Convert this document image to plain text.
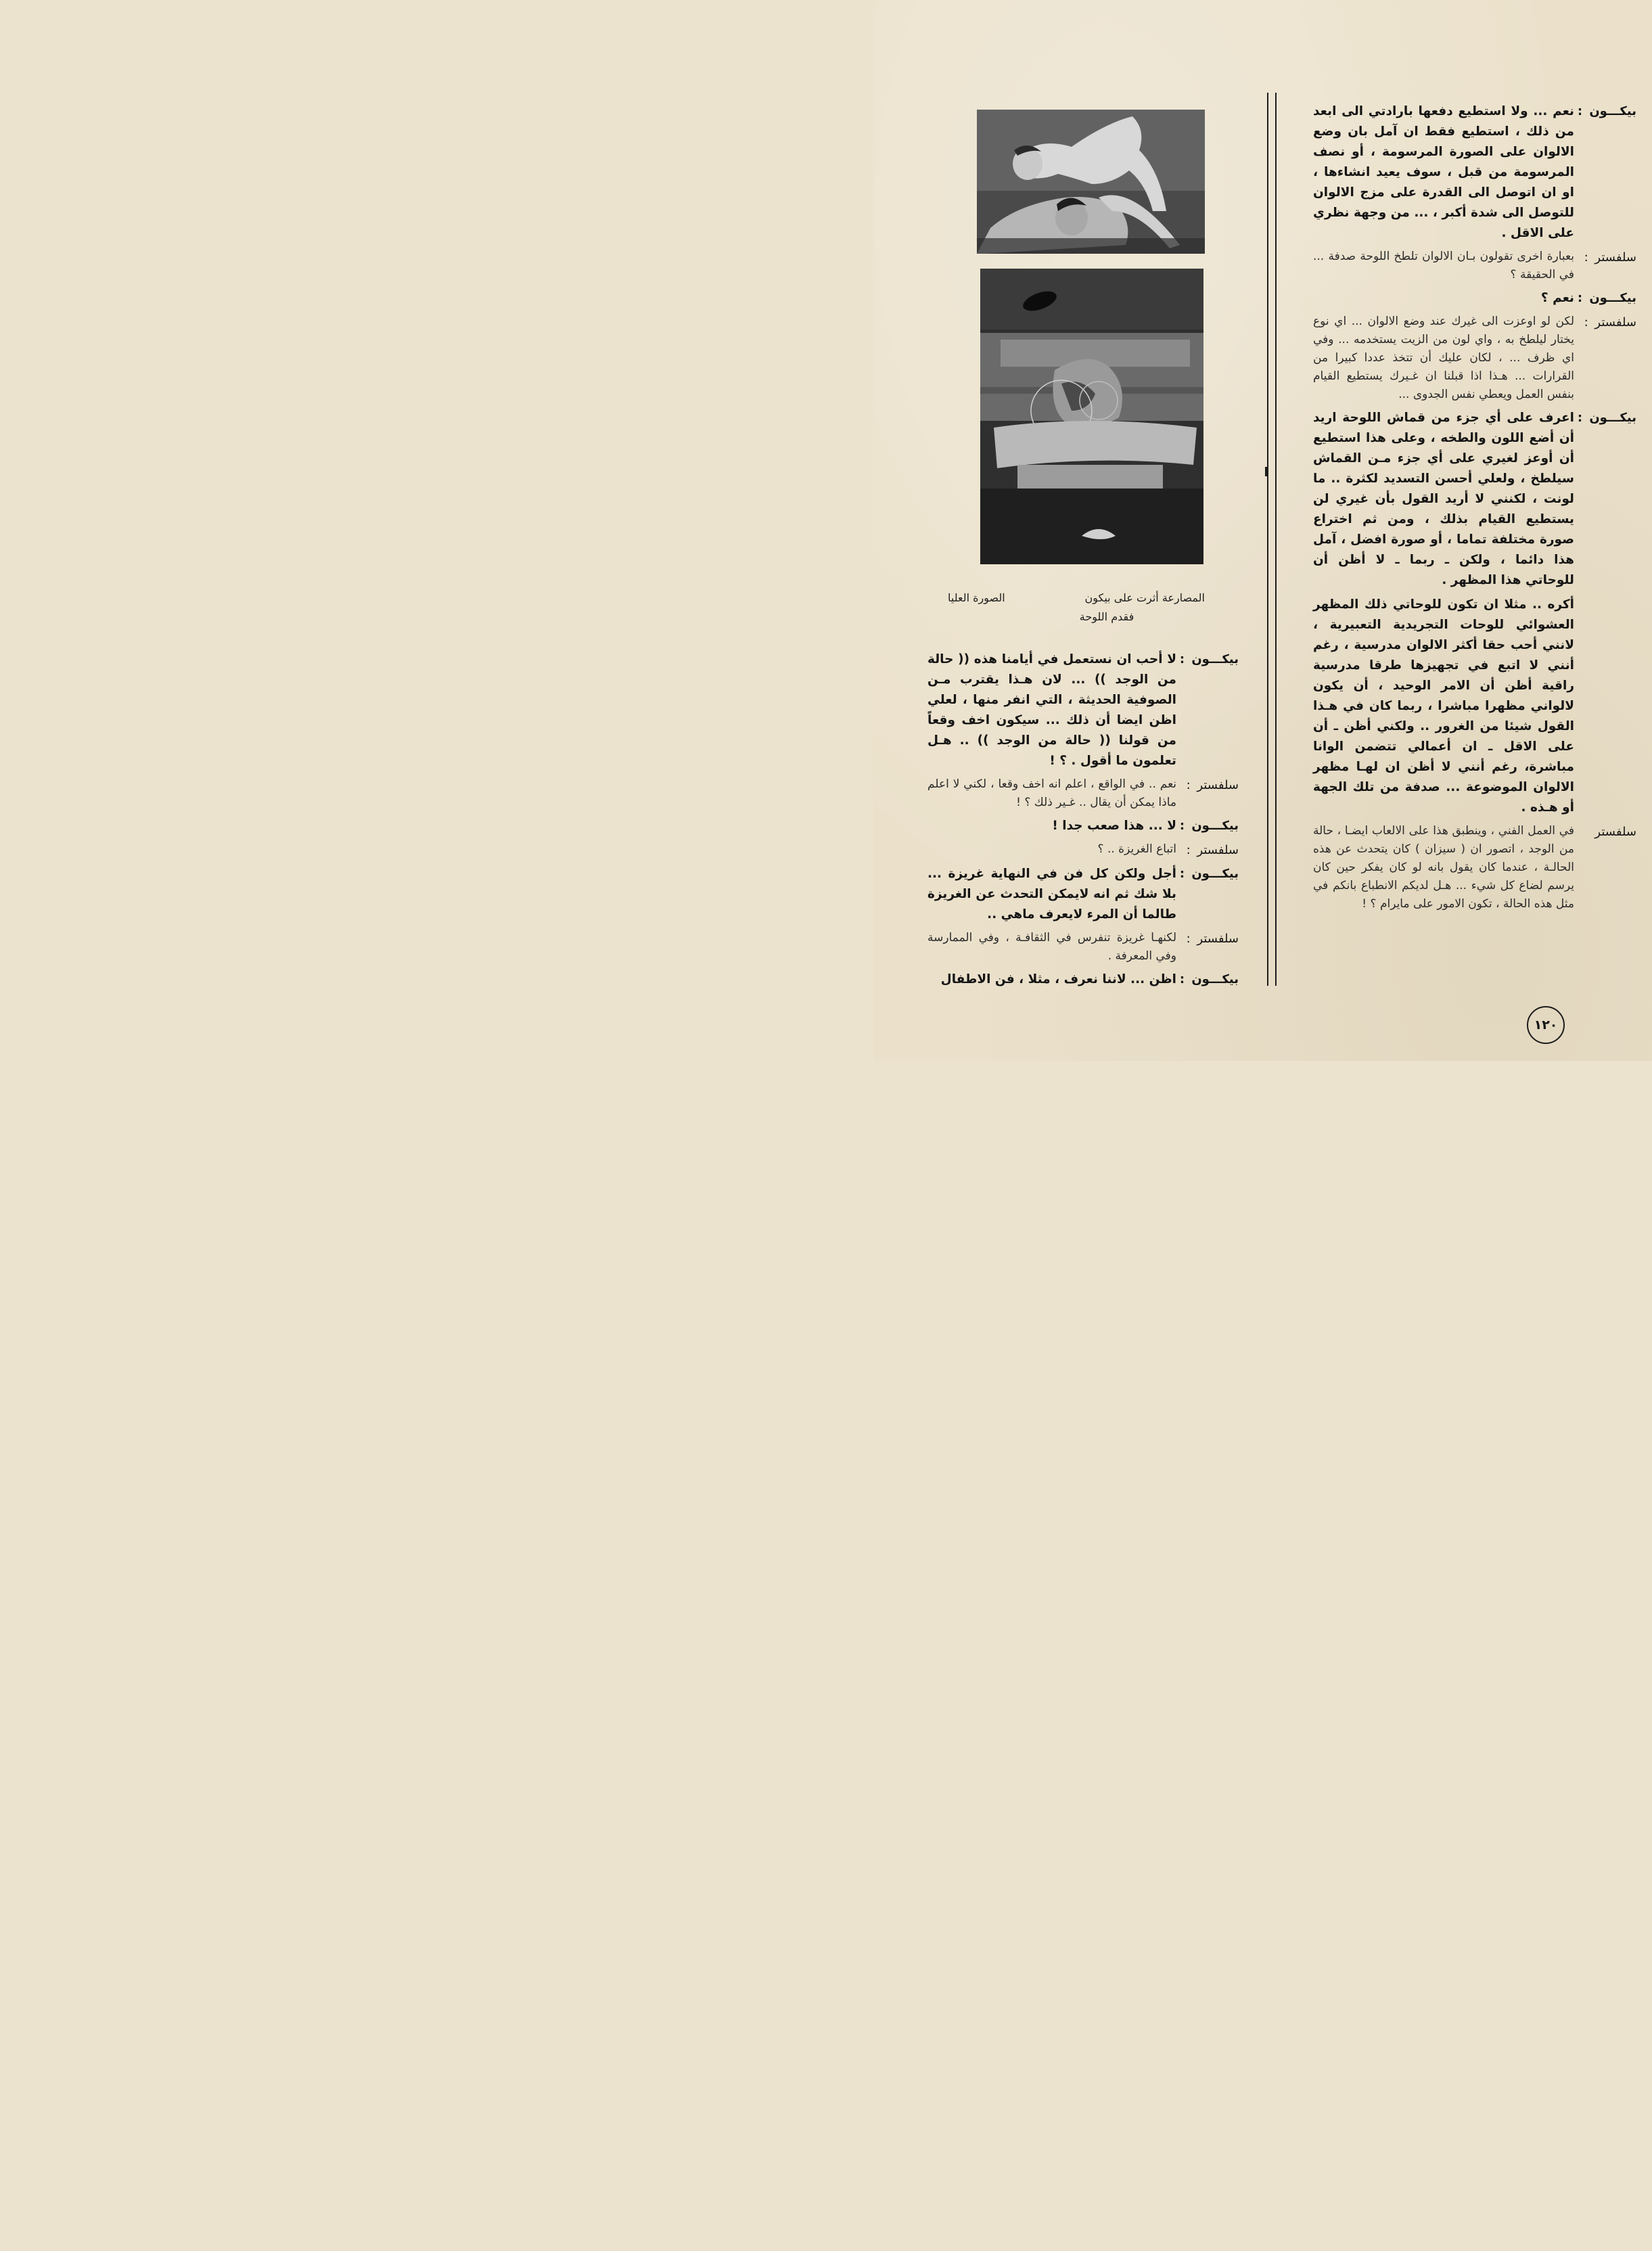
بيكـــون :
نعم ... ولا استطيع دفعها بارادتي الى ابعد من ذلك ، استطيع فقط ان آمل بان وضع الالوان على الصورة المرسومة ، أو نصف المرسومة من قبل ، سوف يعيد انشاءها ، او ان اتوصل الى القدرة على مزج الالوان للتوصل الى شدة أكبر ، ... من وجهة نظري على الاقل .
سلفستر :
بعبارة اخرى تقولون بـان الالوان تلطخ اللوحة صدفة ... في الحقيقة ؟
بيكـــون :
نعم ؟
سلفستر :
لكن لو اوعزت الى غيرك عند وضع الالوان ... اي نوع يختار ليلطخ به ، واي لون من الزيت يستخدمه ... وفي اي ظرف ... ، لكان عليك أن تتخذ عددا كبيرا من القرارات ... هـذا اذا قبلنا ان غـيرك يستطيع القيام بنفس العمل ويعطي نفس الجدوى ...
بيكـــون :
اعرف على أي جزء من قماش اللوحة اريد أن أضع اللون والطخه ، وعلى هذا استطيع أن أوعز لغيري على أي جزء مـن القماش سيلطخ ، ولعلي أحسن التسديد لكثرة .. ما لونت ، لكنني لا أريد القول بأن غيري لن يستطيع القيام بذلك ، ومن ثم اختراع صورة مختلفة تماما ، أو صورة افضل ، آمل هذا دائما ، ولكن ـ ربما ـ لا أظن أن للوحاتي هذا المظهر .
أكره .. مثلا ان تكون للوحاتي ذلك المظهر العشوائي للوحات التجريدية التعبيرية ، لانني أحب حقا أكثر الالوان مدرسية ، رغم أنني لا اتبع في تجهيزها طرقا مدرسية راقية أظن أن الامر الوحيد ، أن يكون لالواني مظهرا مباشرا ، ربما كان في هـذا القول شيئا من الغرور .. ولكني أظن ـ أن على الاقل ـ ان أعمالي تتضمن الوانا مباشرة، رغم أنني لا أظن ان لهـا مظهر الالوان الموضوعة ... صدفة من تلك الجهة أو هـذه .
سلفستر
في العمل الفني ، وينطبق هذا على الالعاب ايضـا ، حالة من الوجد ، اتصور ان ( سيزان ) كان يتحدث عن هذه الحالـة ، عندما كان يقول بانه لو كان يفكر حين كان يرسم لضاع كل شيء ... هـل لديكم الانطباع بانكم في مثل هذه الحالة ، تكون الامور على مايرام ؟ !
المصارعة أثرت على بيكون
الصورة العليا
فقدم اللوحة
بيكـــون :
لا أحب ان نستعمل في أيامنا هذه (( حالة من الوجد )) ... لان هـذا يقترب مـن الصوفية الحديثة ، التي انفر منها ، لعلي اظن ايضا أن ذلك ... سيكون اخف وقعاً من قولنا (( حالة من الوجد )) .. هـل تعلمون ما أقول . ؟ !
سلفستر :
نعم .. في الواقع ، اعلم انه اخف وقعا ، لكني لا اعلم ماذا يمكن أن يقال .. غـير ذلك ؟ !
بيكـــون :
لا ... هذا صعب جدا !
سلفستر :
اتباع الغريزة .. ؟
بيكـــون :
أجل ولكن كل فن في النهاية غريزة ... بلا شك ثم انه لايمكن التحدث عن الغريزة طالما أن المرء لايعرف ماهي ..
سلفستر :
لكنهـا غريزة تنفرس في الثقافـة ، وفي الممارسة وفي المعرفة .
بيكـــون :
اظن ... لاننا نعرف ، مثلا ، فن الاطفال
١٢٠
